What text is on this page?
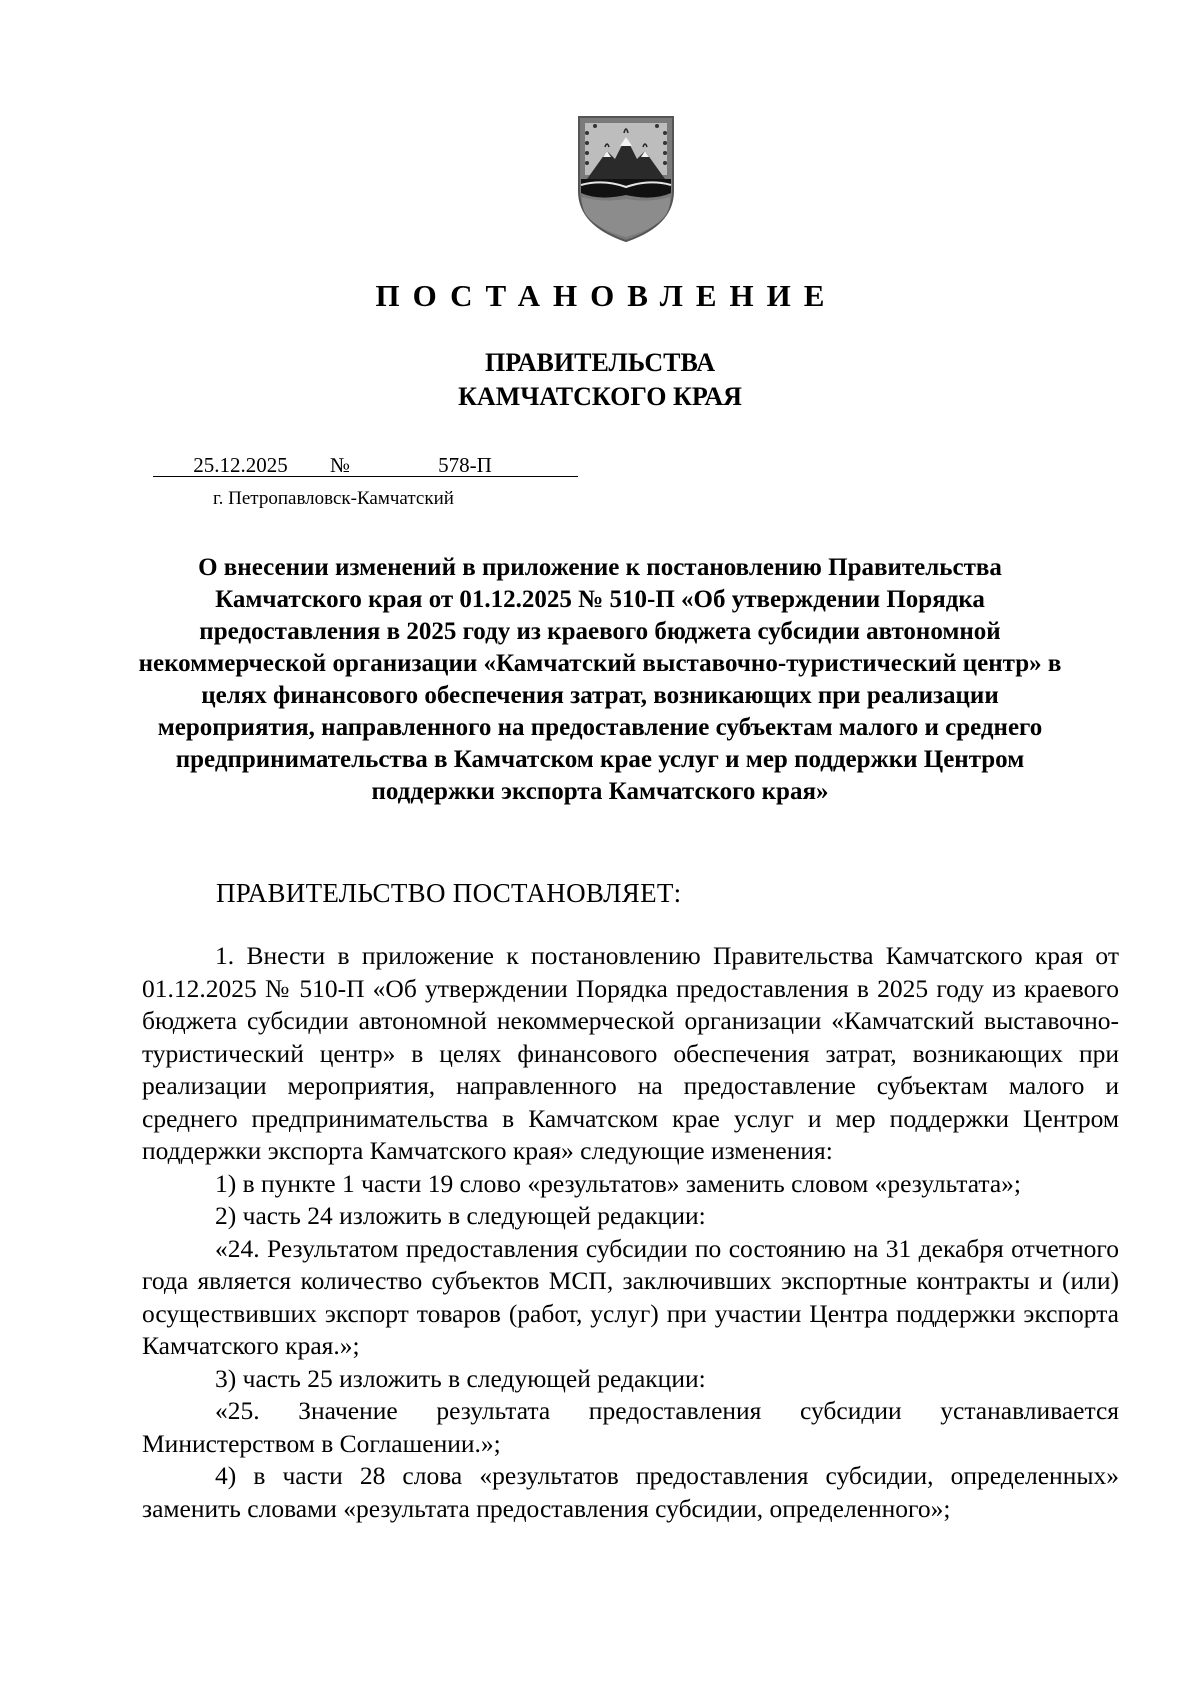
ПОСТАНОВЛЕНИЕ
ПРАВИТЕЛЬСТВА
КАМЧАТСКОГО КРАЯ
25.12.2025 №	578-П
г. Петропавловск-Камчатский
О внесении изменений в приложение к постановлению Правительства Камчатского края от 01.12.2025 № 510-П «Об утверждении Порядка предоставления в 2025 году из краевого бюджета субсидии автономной некоммерческой организации «Камчатский выставочно-туристический центр» в целях финансового обеспечения затрат, возникающих при реализации мероприятия, направленного на предоставление субъектам малого и среднего предпринимательства в Камчатском крае услуг и мер поддержки Центром поддержки экспорта Камчатского края»
ПРАВИТЕЛЬСТВО ПОСТАНОВЛЯЕТ:

1. Внести в приложение к постановлению Правительства Камчатского края от 01.12.2025 № 510-П «Об утверждении Порядка предоставления в 2025 году из краевого бюджета субсидии автономной некоммерческой организации «Камчатский выставочно-туристический центр» в целях финансового обеспечения затрат, возникающих при реализации мероприятия, направленного на предоставление субъектам малого и среднего предпринимательства в Камчатском крае услуг и мер поддержки Центром поддержки экспорта Камчатского края» следующие изменения:

1) в пункте 1 части 19 слово «результатов» заменить словом «результата»;

2) часть 24 изложить в следующей редакции:

«24. Результатом предоставления субсидии по состоянию на 31 декабря отчетного года является количество субъектов МСП, заключивших экспортные контракты и (или) осуществивших экспорт товаров (работ, услуг) при участии Центра поддержки экспорта Камчатского края.»;

3) часть 25 изложить в следующей редакции:

«25. Значение результата предоставления субсидии устанавливается Министерством в Соглашении.»;

4) в части 28 слова «результатов предоставления субсидии, определенных» заменить словами «результата предоставления субсидии, определенного»;
